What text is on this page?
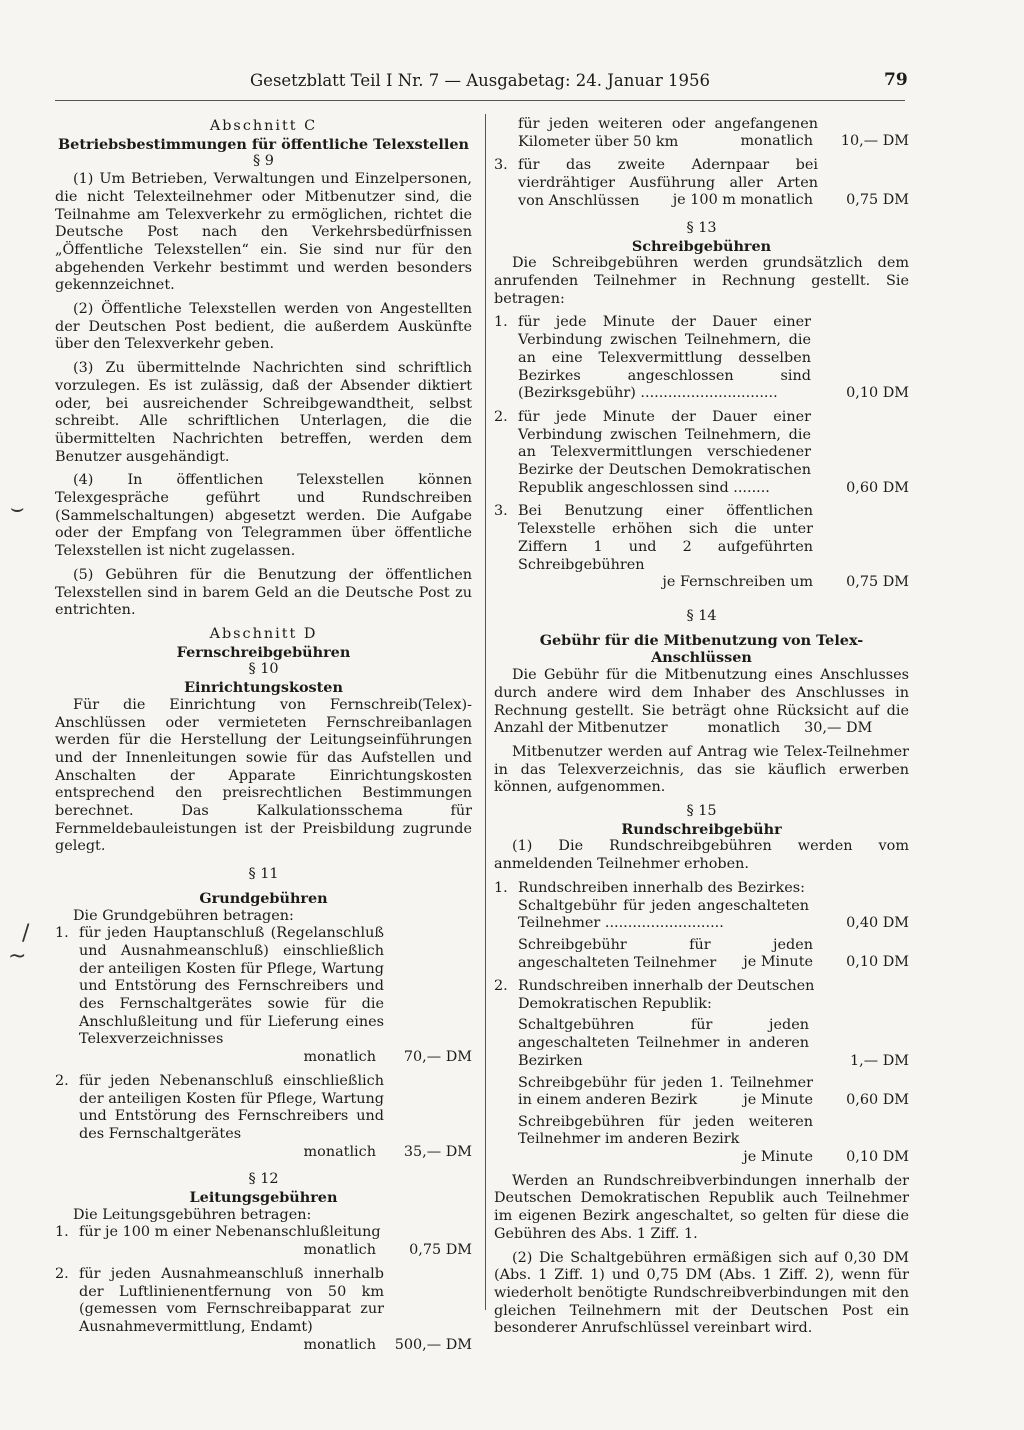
Gesetzblatt Teil I Nr. 7 — Ausgabetag: 24. Januar 1956	79
⌣
/
~
Abschnitt C
Betriebsbestimmungen für öffentliche Telexstellen
§ 9

(1) Um Betrieben, Verwaltungen und Einzelpersonen, die nicht Telexteilnehmer oder Mitbenutzer sind, die Teilnahme am Telexverkehr zu ermöglichen, richtet die Deutsche Post nach den Verkehrsbedürfnissen „Öffentliche Telexstellen“ ein. Sie sind nur für den abgehenden Verkehr bestimmt und werden besonders gekennzeichnet.

(2) Öffentliche Telexstellen werden von Angestellten der Deutschen Post bedient, die außerdem Auskünfte über den Telexverkehr geben.

(3) Zu übermittelnde Nachrichten sind schriftlich vorzulegen. Es ist zulässig, daß der Absender diktiert oder, bei ausreichender Schreibgewandtheit, selbst schreibt. Alle schriftlichen Unterlagen, die die übermittelten Nachrichten betreffen, werden dem Benutzer ausgehändigt.

(4) In öffentlichen Telexstellen können Telexgespräche geführt und Rundschreiben (Sammelschaltungen) abgesetzt werden. Die Aufgabe oder der Empfang von Telegrammen über öffentliche Telexstellen ist nicht zugelassen.

(5) Gebühren für die Benutzung der öffentlichen Telexstellen sind in barem Geld an die Deutsche Post zu entrichten.

Abschnitt D
Fernschreibgebühren
§ 10
Einrichtungskosten

Für die Einrichtung von Fernschreib(Telex)-Anschlüssen oder vermieteten Fernschreibanlagen werden für die Herstellung der Leitungseinführungen und der Innenleitungen sowie für das Aufstellen und Anschalten der Apparate Einrichtungskosten entsprechend den preisrechtlichen Bestimmungen berechnet. Das Kalkulationsschema für Fernmeldebauleistungen ist der Preisbildung zugrunde gelegt.

§ 11
Grundgebühren

Die Grundgebühren betragen:

1. für jeden Hauptanschluß (Regelanschluß und Ausnahmeanschluß) einschließlich der anteiligen Kosten für Pflege, Wartung und Entstörung des Fernschreibers und des Fernschaltgerätes sowie für die Anschlußleitung und für Lieferung eines Telexverzeichnisses
monatlich	70,— DM
2. für jeden Nebenanschluß einschließlich der anteiligen Kosten für Pflege, Wartung und Entstörung des Fernschreibers und des Fernschaltgerätes
monatlich	35,— DM
§ 12
Leitungsgebühren

Die Leitungsgebühren betragen:

1. für je 100 m einer Nebenanschlußleitung
monatlich	0,75 DM
2. für jeden Ausnahmeanschluß innerhalb der Luftlinienentfernung von 50 km (gemessen vom Fernschreibapparat zur Ausnahmevermittlung, Endamt)
monatlich	500,— DM
für jeden weiteren oder angefangenen Kilometer über 50 km	monatlich	10,— DM
3. für das zweite Adernpaar bei vierdrähtiger Ausführung aller Arten von Anschlüssen	je 100 m monatlich	0,75 DM
§ 13
Schreibgebühren

Die Schreibgebühren werden grundsätzlich dem anrufenden Teilnehmer in Rechnung gestellt. Sie betragen:

1. für jede Minute der Dauer einer Verbindung zwischen Teilnehmern, die an eine Telexvermittlung desselben Bezirkes angeschlossen sind (Bezirksgebühr) ..............................	0,10 DM
2. für jede Minute der Dauer einer Verbindung zwischen Teilnehmern, die an Telexvermittlungen verschiedener Bezirke der Deutschen Demokratischen Republik angeschlossen sind ........	0,60 DM
3. Bei Benutzung einer öffentlichen Telexstelle erhöhen sich die unter Ziffern 1 und 2 aufgeführten Schreibgebühren
je Fernschreiben um	0,75 DM
§ 14
Gebühr für die Mitbenutzung von Telex-Anschlüssen

Die Gebühr für die Mitbenutzung eines Anschlusses durch andere wird dem Inhaber des Anschlusses in Rechnung gestellt. Sie beträgt ohne Rücksicht auf die Anzahl der Mitbenutzer	monatlich 30,— DM

Mitbenutzer werden auf Antrag wie Telex-Teilnehmer in das Telexverzeichnis, das sie käuflich erwerben können, aufgenommen.

§ 15
Rundschreibgebühr

(1) Die Rundschreibgebühren werden vom anmeldenden Teilnehmer erhoben.

1. Rundschreiben innerhalb des Bezirkes:
Schaltgebühr für jeden angeschalteten Teilnehmer ..........................	0,40 DM
Schreibgebühr für jeden angeschalteten Teilnehmer	je Minute	0,10 DM
2. Rundschreiben innerhalb der Deutschen Demokratischen Republik:
Schaltgebühren für jeden angeschalteten Teilnehmer in anderen Bezirken	1,— DM
Schreibgebühr für jeden 1. Teilnehmer in einem anderen Bezirk	je Minute	0,60 DM
Schreibgebühren für jeden weiteren Teilnehmer im anderen Bezirk
je Minute	0,10 DM

Werden an Rundschreibverbindungen innerhalb der Deutschen Demokratischen Republik auch Teilnehmer im eigenen Bezirk angeschaltet, so gelten für diese die Gebühren des Abs. 1 Ziff. 1.

(2) Die Schaltgebühren ermäßigen sich auf 0,30 DM (Abs. 1 Ziff. 1) und 0,75 DM (Abs. 1 Ziff. 2), wenn für wiederholt benötigte Rundschreibverbindungen mit den gleichen Teilnehmern mit der Deutschen Post ein besonderer Anrufschlüssel vereinbart wird.
